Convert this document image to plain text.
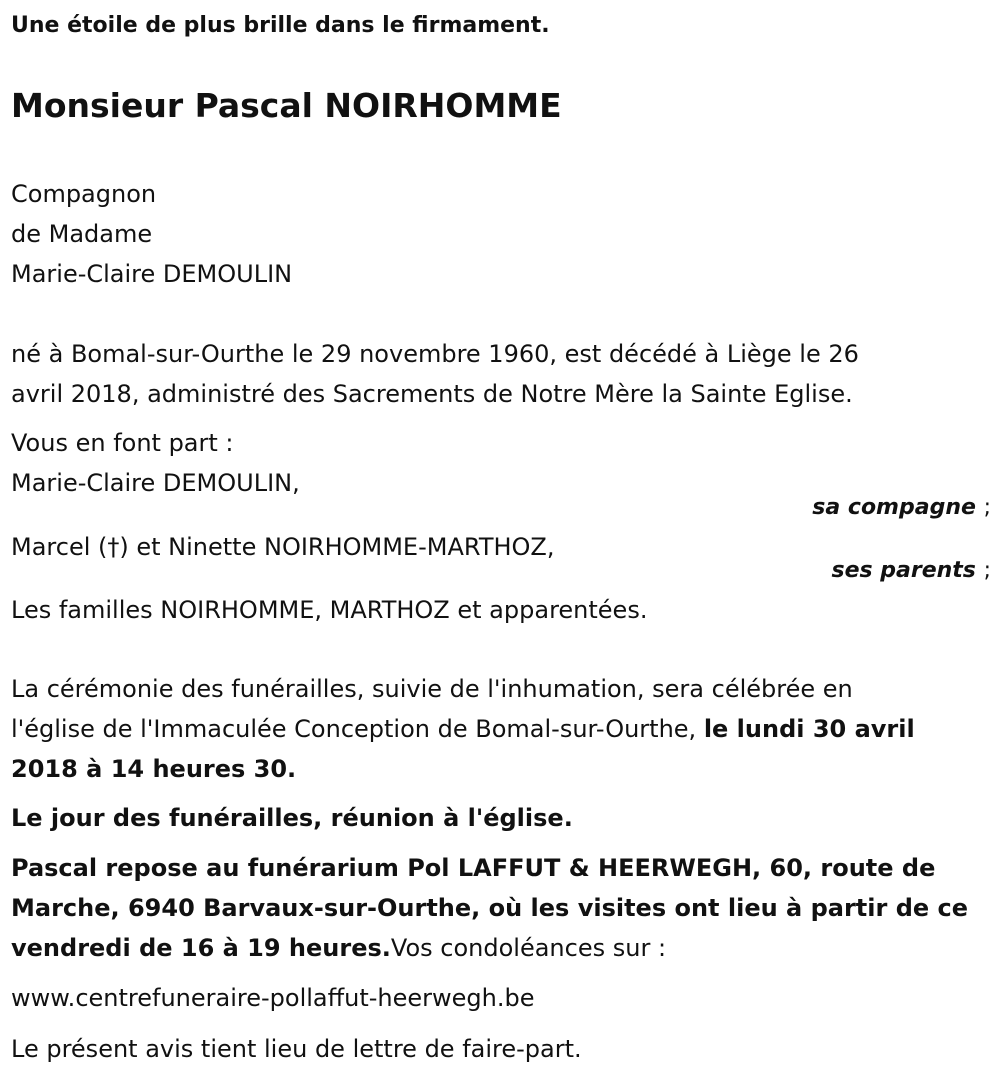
Une étoile de plus brille dans le firmament.
Monsieur Pascal NOIRHOMME
Compagnon
de Madame
Marie-Claire DEMOULIN
né à Bomal-sur-Ourthe le 29 novembre 1960, est décédé à Liège le 26
avril 2018, administré des Sacrements de Notre Mère la Sainte Eglise.
Vous en font part :
Marie-Claire DEMOULIN,
sa compagne ;
Marcel (†) et Ninette NOIRHOMME-MARTHOZ,
ses parents ;
Les familles NOIRHOMME, MARTHOZ et apparentées.
La cérémonie des funérailles, suivie de l'inhumation, sera célébrée en
l'église de l'Immaculée Conception de Bomal-sur-Ourthe, le lundi 30 avril
2018 à 14 heures 30.
Le jour des funérailles, réunion à l'église.
Pascal repose au funérarium Pol LAFFUT & HEERWEGH, 60, route de
Marche, 6940 Barvaux-sur-Ourthe, où les visites ont lieu à partir de ce
vendredi de 16 à 19 heures.Vos condoléances sur :
www.centrefuneraire-pollaffut-heerwegh.be
Le présent avis tient lieu de lettre de faire-part.
